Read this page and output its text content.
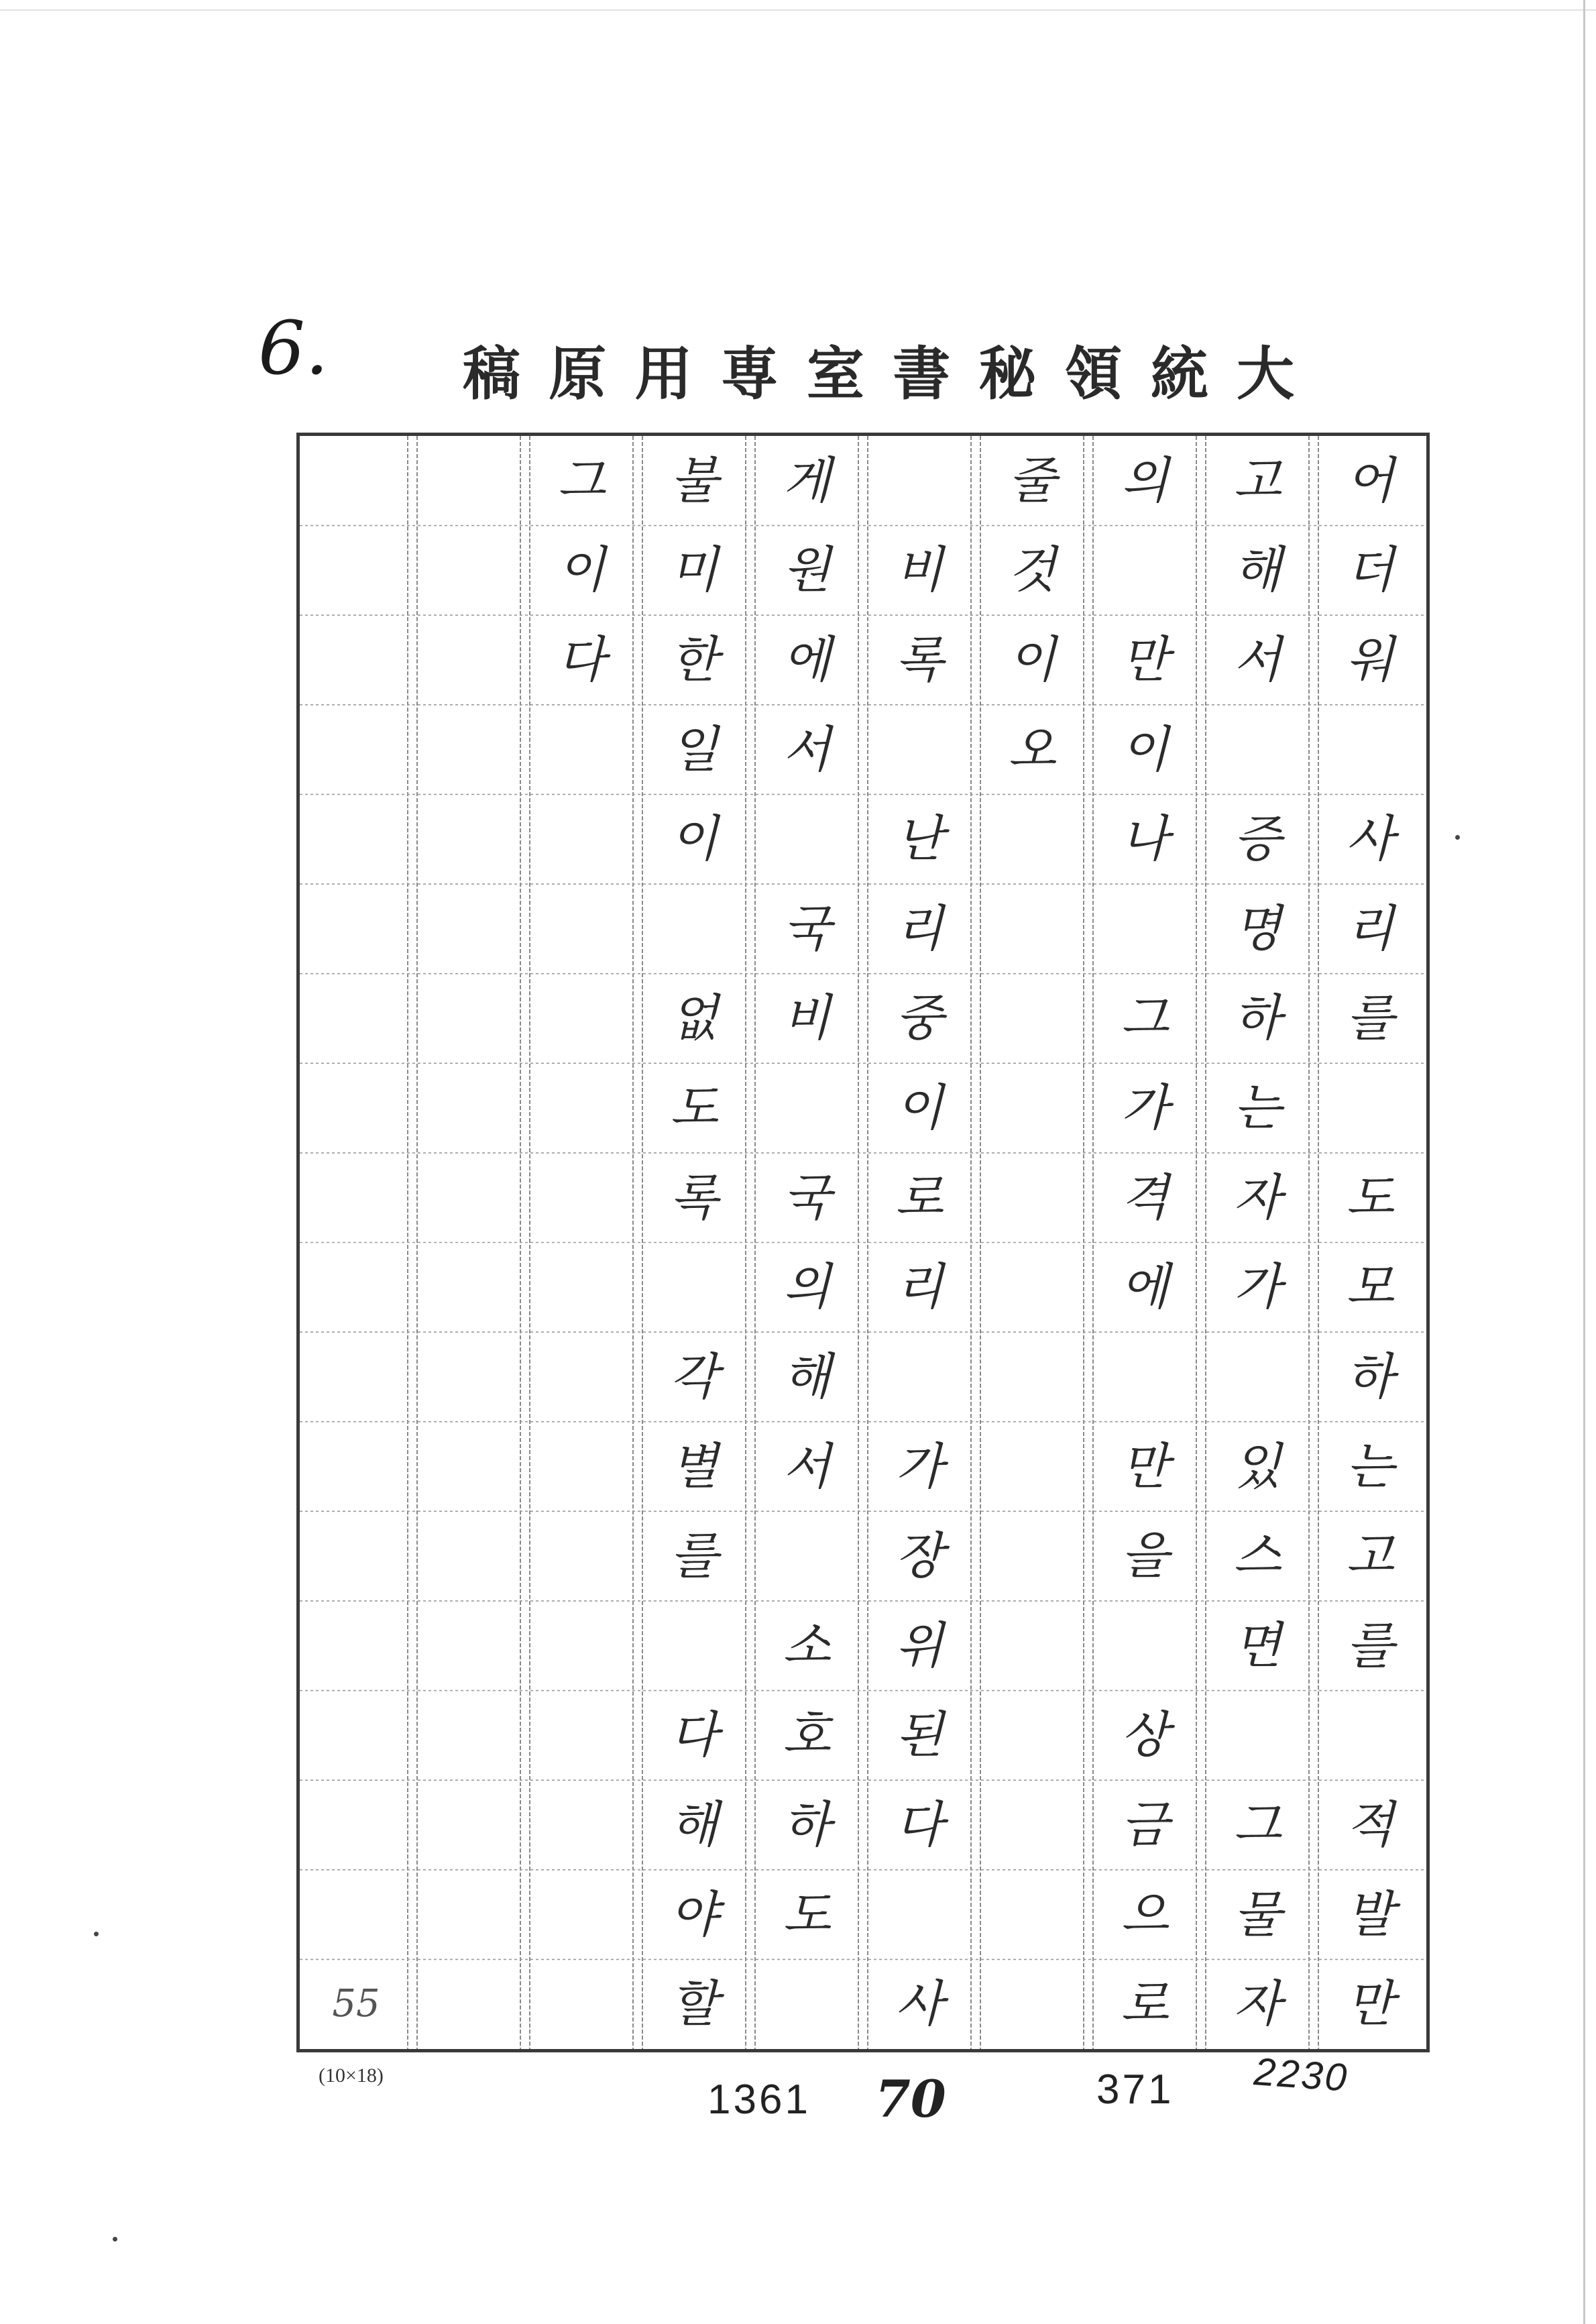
6. 稿 原 用 専 室 書 秘 領 統 大
어
더
워
사
리
를
도
모
하
는
고
를
적
발
만
고
해
서
증
명
하
는
자
가
있
스
면
그
물
자
의
만
이
나
그
가
격
에
만
을
상
금
으
로
줄
것
이
오
비
록
난
리
중
이
로
리
가
장
위
된
다
사
게
원
에
서
국
비
국
의
해
서
소
호
하
도
불
미
한
일
이
없
도
록
각
별
를
다
해
야
할
그
이
다
55
(10×18)
1361 70	371 2230
